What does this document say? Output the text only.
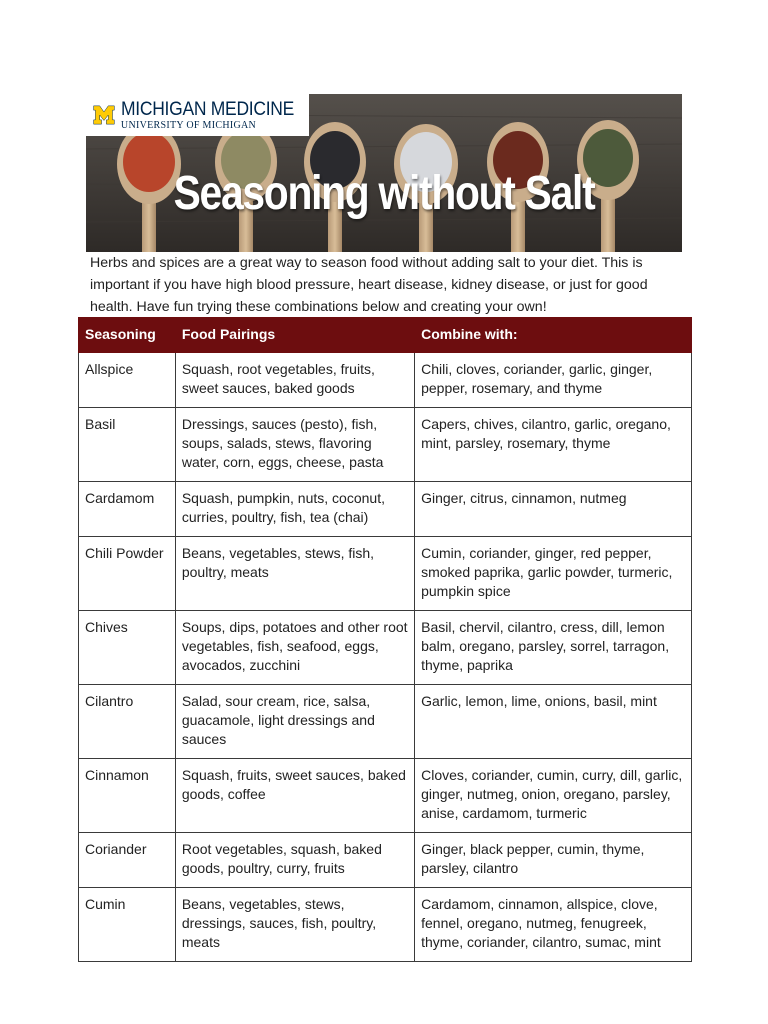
MICHIGAN MEDICINE
UNIVERSITY OF MICHIGAN
Seasoning without Salt
Herbs and spices are a great way to season food without adding salt to your diet. This is important if you have high blood pressure, heart disease, kidney disease, or just for good health. Have fun trying these combinations below and creating your own!
Seasoning	Food Pairings	Combine with:
Allspice	Squash, root vegetables, fruits, sweet sauces, baked goods	Chili, cloves, coriander, garlic, ginger, pepper, rosemary, and thyme
Basil	Dressings, sauces (pesto), fish, soups, salads, stews, flavoring water, corn, eggs, cheese, pasta	Capers, chives, cilantro, garlic, oregano, mint, parsley, rosemary, thyme
Cardamom	Squash, pumpkin, nuts, coconut, curries, poultry, fish, tea (chai)	Ginger, citrus, cinnamon, nutmeg
Chili Powder	Beans, vegetables, stews, fish, poultry, meats	Cumin, coriander, ginger, red pepper, smoked paprika, garlic powder, turmeric, pumpkin spice
Chives	Soups, dips, potatoes and other root vegetables, fish, seafood, eggs, avocados, zucchini	Basil, chervil, cilantro, cress, dill, lemon balm, oregano, parsley, sorrel, tarragon, thyme, paprika
Cilantro	Salad, sour cream, rice, salsa, guacamole, light dressings and sauces	Garlic, lemon, lime, onions, basil, mint
Cinnamon	Squash, fruits, sweet sauces, baked goods, coffee	Cloves, coriander, cumin, curry, dill, garlic, ginger, nutmeg, onion, oregano, parsley, anise, cardamom, turmeric
Coriander	Root vegetables, squash, baked goods, poultry, curry, fruits	Ginger, black pepper, cumin, thyme, parsley, cilantro
Cumin	Beans, vegetables, stews, dressings, sauces, fish, poultry, meats	Cardamom, cinnamon, allspice, clove, fennel, oregano, nutmeg, fenugreek, thyme, coriander, cilantro, sumac, mint
